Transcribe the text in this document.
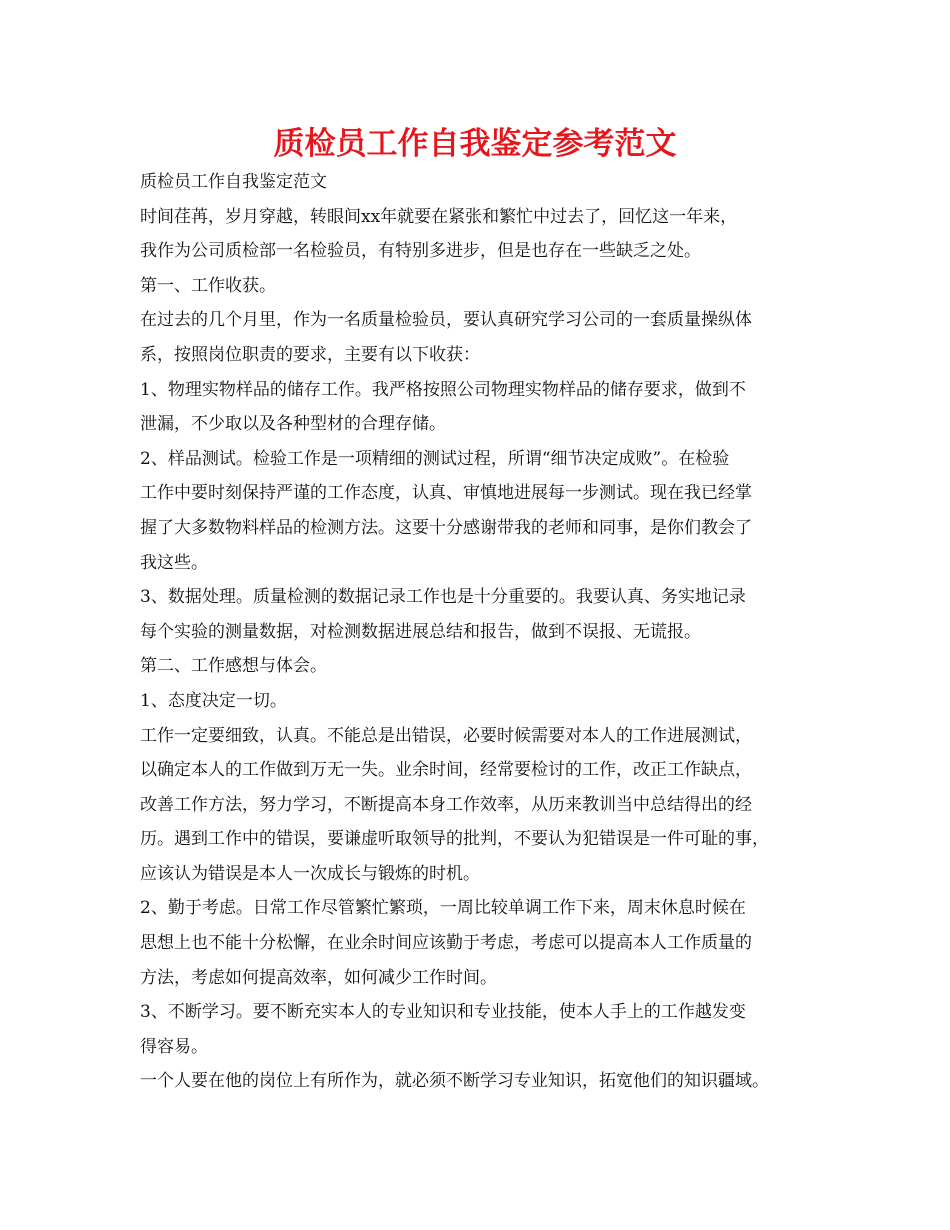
质检员工作自我鉴定参考范文

质检员工作自我鉴定范文

时间荏苒，岁月穿越，转眼间xx年就要在紧张和繁忙中过去了，回忆这一年来，

我作为公司质检部一名检验员，有特别多进步，但是也存在一些缺乏之处。

第一、工作收获。

在过去的几个月里，作为一名质量检验员，要认真研究学习公司的一套质量操纵体

系，按照岗位职责的要求，主要有以下收获：

1、物理实物样品的储存工作。我严格按照公司物理实物样品的储存要求，做到不

泄漏，不少取以及各种型材的合理存储。

2、样品测试。检验工作是一项精细的测试过程，所谓“细节决定成败”。在检验

工作中要时刻保持严谨的工作态度，认真、审慎地进展每一步测试。现在我已经掌

握了大多数物料样品的检测方法。这要十分感谢带我的老师和同事，是你们教会了

我这些。

3、数据处理。质量检测的数据记录工作也是十分重要的。我要认真、务实地记录

每个实验的测量数据，对检测数据进展总结和报告，做到不误报、无谎报。

第二、工作感想与体会。

1、态度决定一切。

工作一定要细致，认真。不能总是出错误，必要时候需要对本人的工作进展测试，

以确定本人的工作做到万无一失。业余时间，经常要检讨的工作，改正工作缺点，

改善工作方法，努力学习，不断提高本身工作效率，从历来教训当中总结得出的经

历。遇到工作中的错误，要谦虚听取领导的批判，不要认为犯错误是一件可耻的事，

应该认为错误是本人一次成长与锻炼的时机。

2、勤于考虑。日常工作尽管繁忙繁琐，一周比较单调工作下来，周末休息时候在

思想上也不能十分松懈，在业余时间应该勤于考虑，考虑可以提高本人工作质量的

方法，考虑如何提高效率，如何减少工作时间。

3、不断学习。要不断充实本人的专业知识和专业技能，使本人手上的工作越发变

得容易。

一个人要在他的岗位上有所作为，就必须不断学习专业知识，拓宽他们的知识疆域。
